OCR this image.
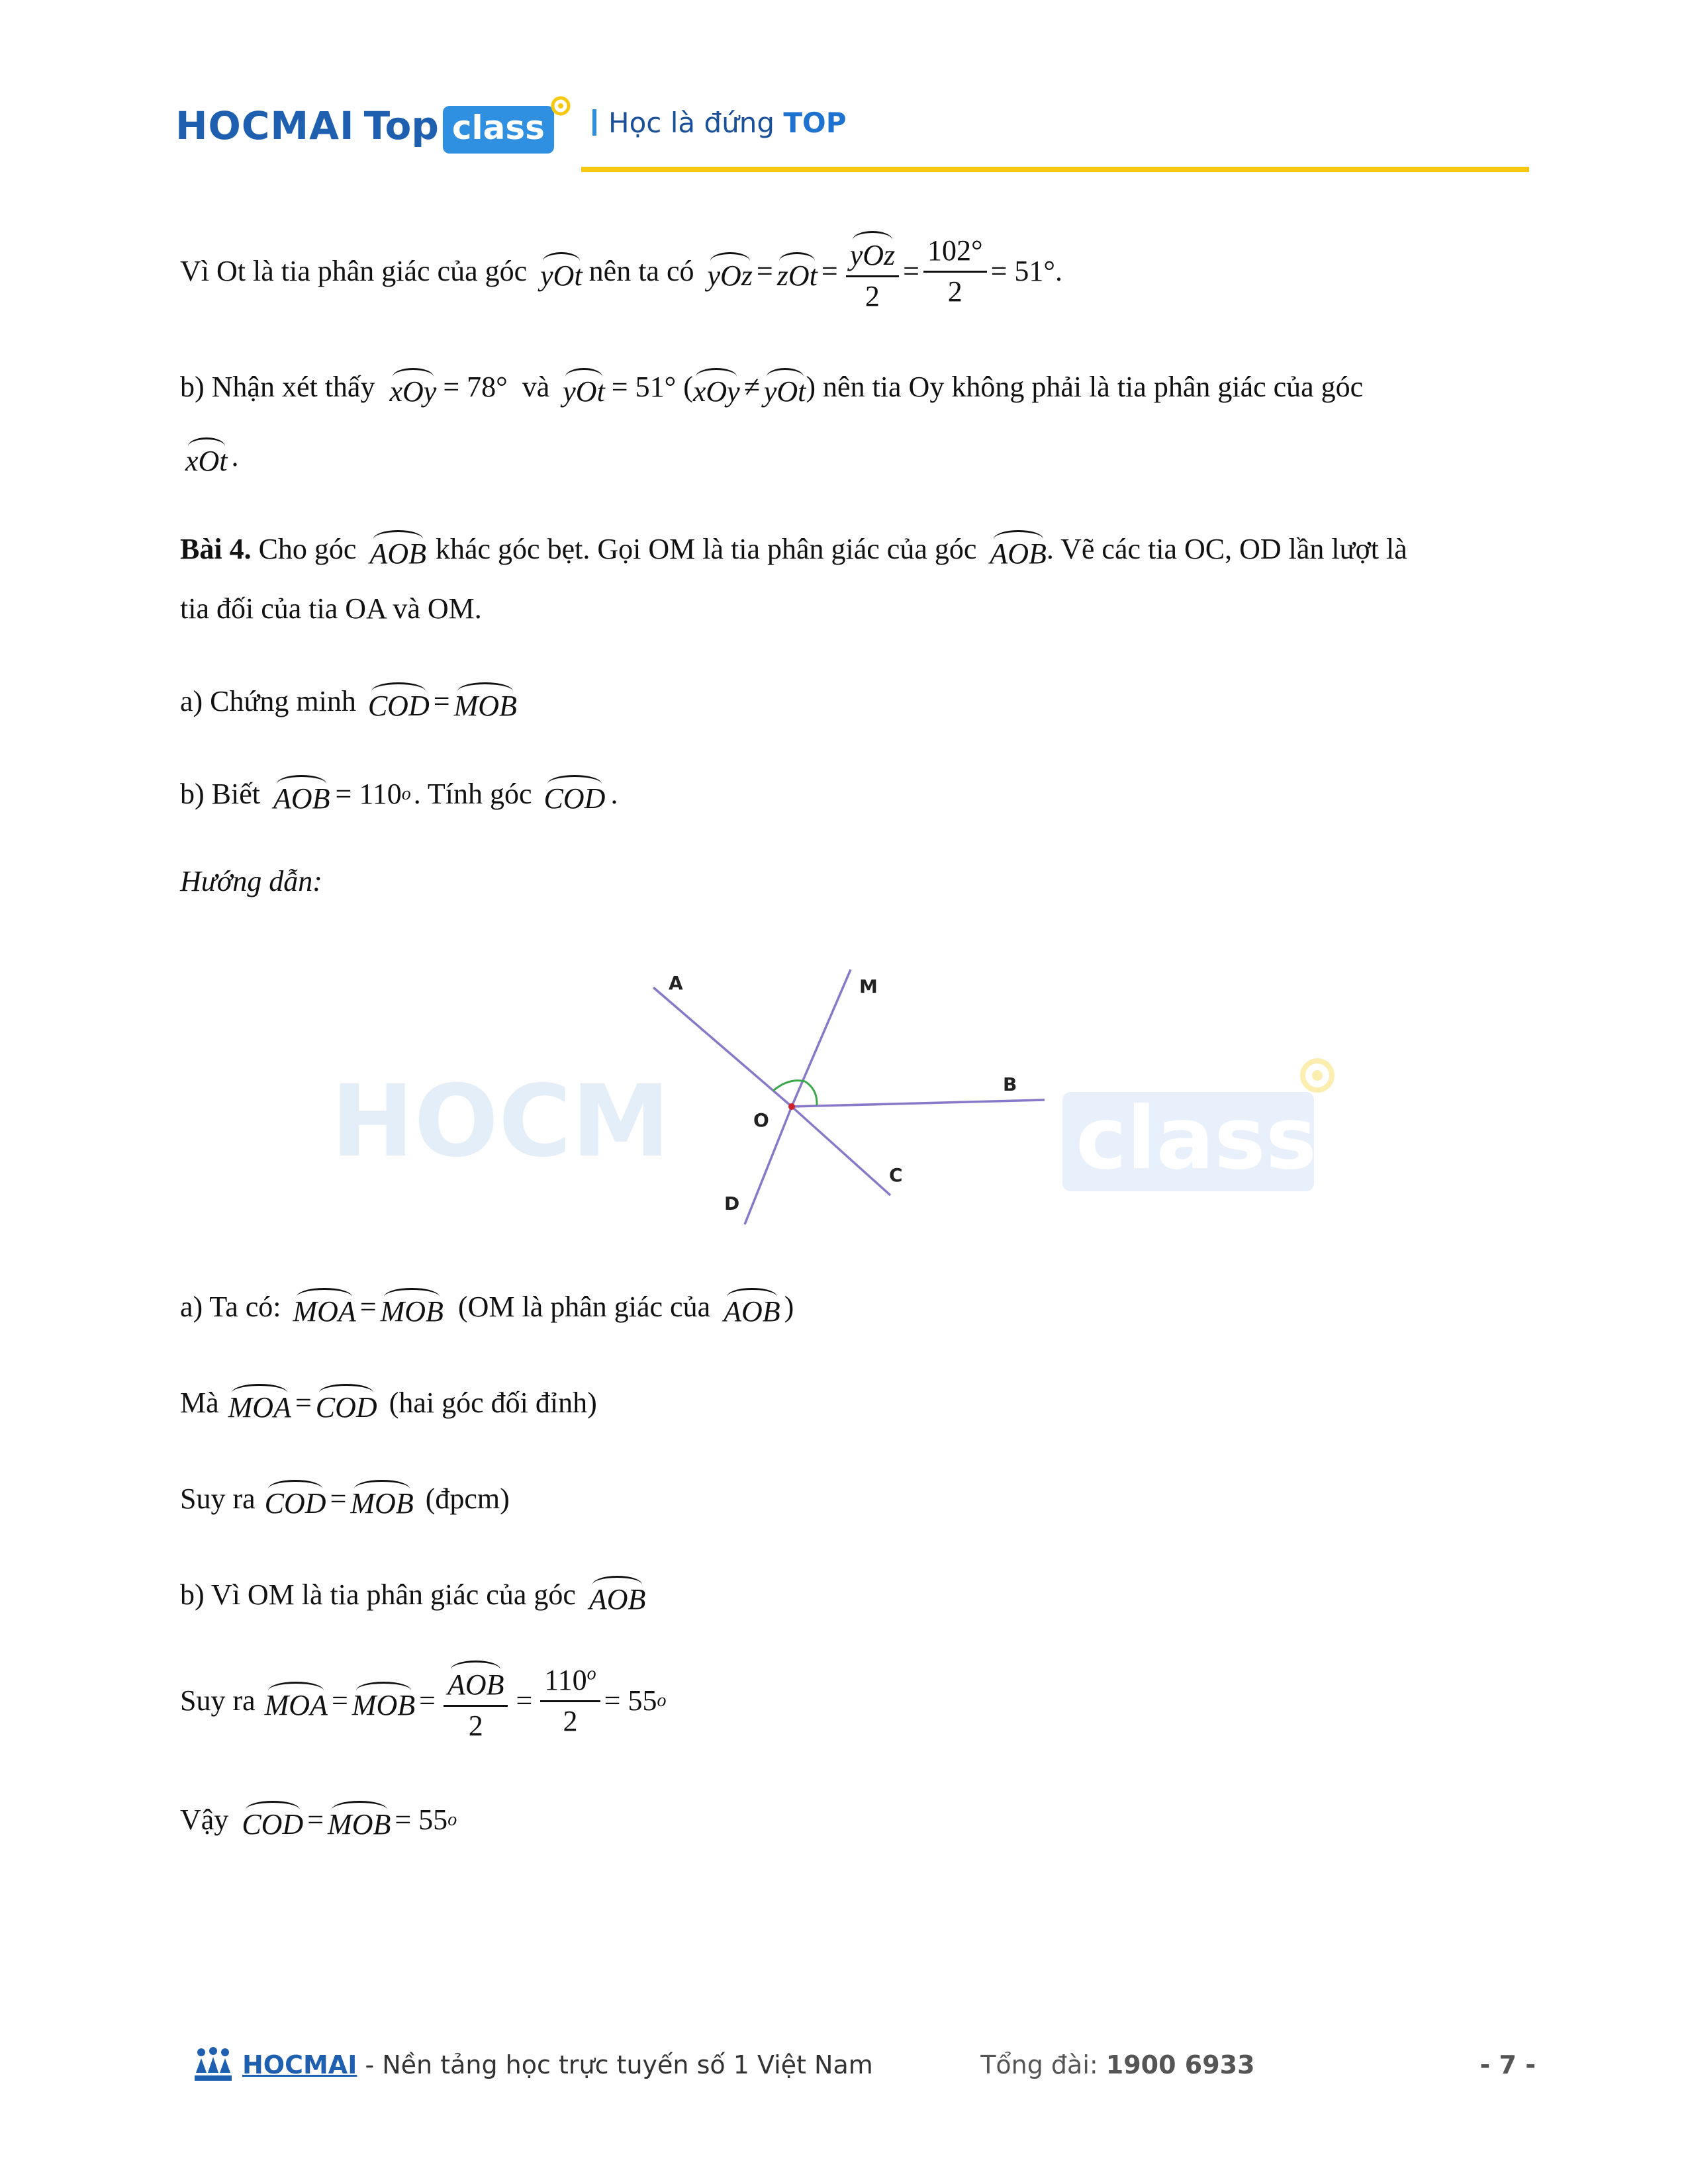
HOCMAI Top class	Học là đứng TOP
Vì Ot là tia phân giác của góc yOt nên ta có yOz = zOt = $\frac{\text{yOz}}{2} = \frac{102^\circ}{2} = 51^\circ$.
b) Nhận xét thấy xOy = 78°  và yOt = 51° ( xOy ≠ yOt ) nên tia Oy không phải là tia phân giác của góc
xOt .
Bài 4. Cho góc AOB khác góc bẹt. Gọi OM là tia phân giác của góc AOB . Vẽ các tia OC, OD lần lượt là
tia đối của tia OA và OM.
a) Chứng minh COD = MOB
b) Biết AOB = 110 o . Tính góc COD .
Hướng dẫn:
HOCM	class
A	M
B
O
C
D
a) Ta có: MOA = MOB (OM là phân giác của AOB )
Mà MOA = COD (hai góc đối đỉnh)
Suy ra COD = MOB (đpcm)
b) Vì OM là tia phân giác của góc AOB
Suy ra MOA = MOB = $\frac{\text{AOB}}{2} = \frac{110^o}{2} = 55$ o
Vậy COD = MOB = 55 o
HOCMAI - Nền tảng học trực tuyến số 1 Việt Nam	Tổng đài: 1900 6933	- 7 -
